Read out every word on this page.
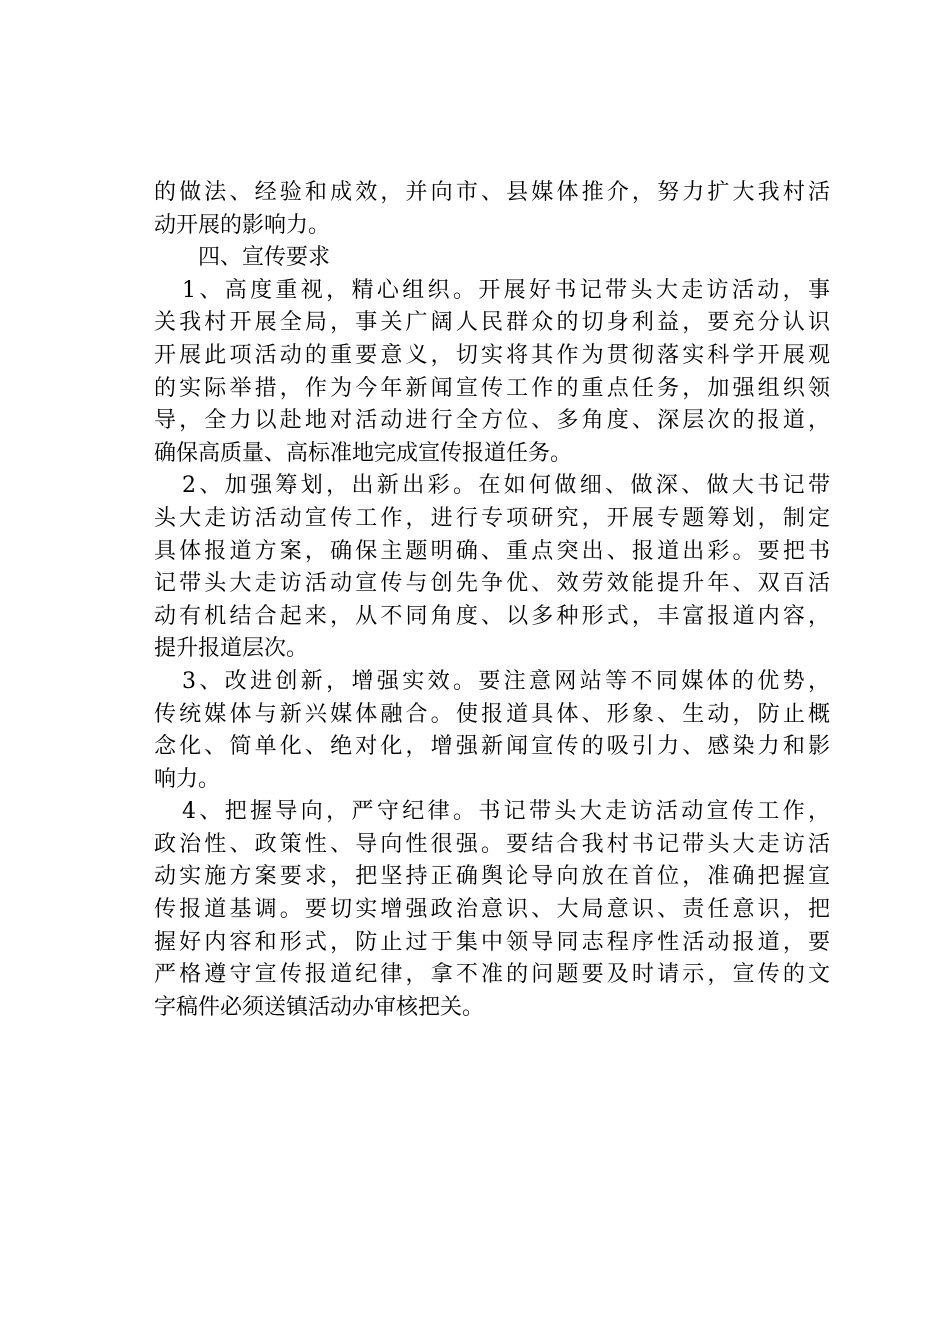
的做法、经验和成效，并向市、县媒体推介，努力扩大我村活
动开展的影响力。
四、宣传要求
1、高度重视，精心组织。开展好书记带头大走访活动，事
关我村开展全局，事关广阔人民群众的切身利益，要充分认识
开展此项活动的重要意义，切实将其作为贯彻落实科学开展观
的实际举措，作为今年新闻宣传工作的重点任务，加强组织领
导，全力以赴地对活动进行全方位、多角度、深层次的报道，
确保高质量、高标准地完成宣传报道任务。
2、加强筹划，出新出彩。在如何做细、做深、做大书记带
头大走访活动宣传工作，进行专项研究，开展专题筹划，制定
具体报道方案，确保主题明确、重点突出、报道出彩。要把书
记带头大走访活动宣传与创先争优、效劳效能提升年、双百活
动有机结合起来，从不同角度、以多种形式，丰富报道内容，
提升报道层次。
3、改进创新，增强实效。要注意网站等不同媒体的优势，
传统媒体与新兴媒体融合。使报道具体、形象、生动，防止概
念化、简单化、绝对化，增强新闻宣传的吸引力、感染力和影
响力。
4、把握导向，严守纪律。书记带头大走访活动宣传工作，
政治性、政策性、导向性很强。要结合我村书记带头大走访活
动实施方案要求，把坚持正确舆论导向放在首位，准确把握宣
传报道基调。要切实增强政治意识、大局意识、责任意识，把
握好内容和形式，防止过于集中领导同志程序性活动报道，要
严格遵守宣传报道纪律，拿不准的问题要及时请示，宣传的文
字稿件必须送镇活动办审核把关。
